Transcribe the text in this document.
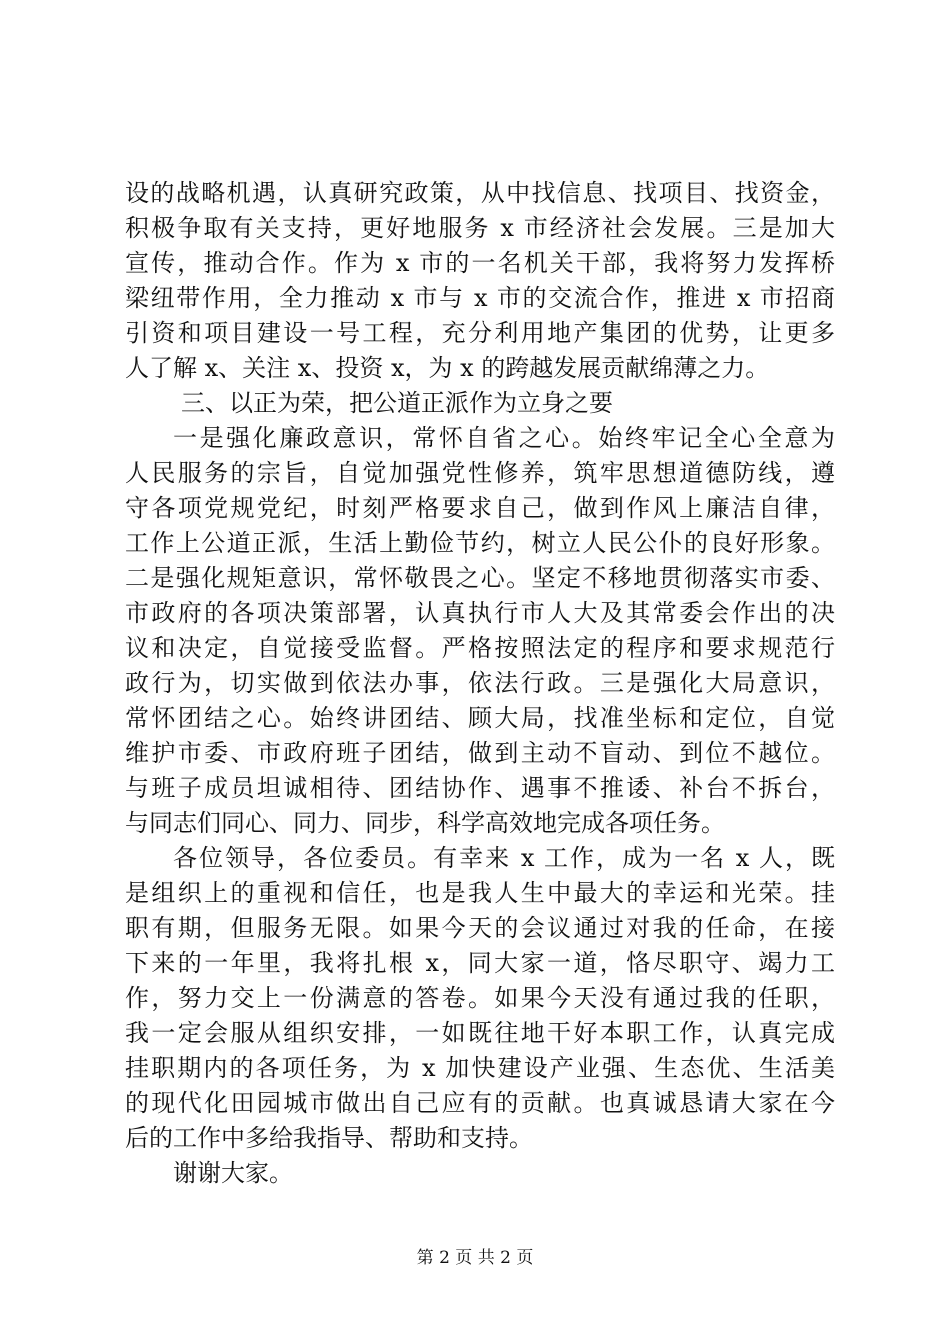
设的战略机遇，认真研究政策，从中找信息、找项目、找资金，
积极争取有关支持，更好地服务 x 市经济社会发展。三是加大
宣传，推动合作。作为 x 市的一名机关干部，我将努力发挥桥
梁纽带作用，全力推动 x 市与 x 市的交流合作，推进 x 市招商
引资和项目建设一号工程，充分利用地产集团的优势，让更多
人了解 x、关注 x、投资 x，为 x 的跨越发展贡献绵薄之力。
三、以正为荣，把公道正派作为立身之要
一是强化廉政意识，常怀自省之心。始终牢记全心全意为
人民服务的宗旨，自觉加强党性修养，筑牢思想道德防线，遵
守各项党规党纪，时刻严格要求自己，做到作风上廉洁自律，
工作上公道正派，生活上勤俭节约，树立人民公仆的良好形象。
二是强化规矩意识，常怀敬畏之心。坚定不移地贯彻落实市委、
市政府的各项决策部署，认真执行市人大及其常委会作出的决
议和决定，自觉接受监督。严格按照法定的程序和要求规范行
政行为，切实做到依法办事，依法行政。三是强化大局意识，
常怀团结之心。始终讲团结、顾大局，找准坐标和定位，自觉
维护市委、市政府班子团结，做到主动不盲动、到位不越位。
与班子成员坦诚相待、团结协作、遇事不推诿、补台不拆台，
与同志们同心、同力、同步，科学高效地完成各项任务。
各位领导，各位委员。有幸来 x 工作，成为一名 x 人，既
是组织上的重视和信任，也是我人生中最大的幸运和光荣。挂
职有期，但服务无限。如果今天的会议通过对我的任命，在接
下来的一年里，我将扎根 x，同大家一道，恪尽职守、竭力工
作，努力交上一份满意的答卷。如果今天没有通过我的任职，
我一定会服从组织安排，一如既往地干好本职工作，认真完成
挂职期内的各项任务，为 x 加快建设产业强、生态优、生活美
的现代化田园城市做出自己应有的贡献。也真诚恳请大家在今
后的工作中多给我指导、帮助和支持。
谢谢大家。
第 2 页 共 2 页
